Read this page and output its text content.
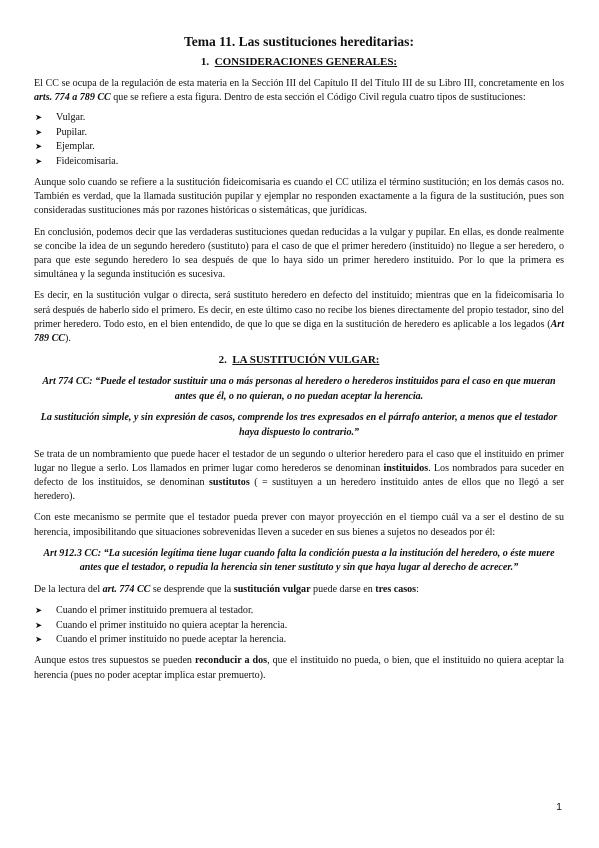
Tema 11. Las sustituciones hereditarias:
1. CONSIDERACIONES GENERALES:

El CC se ocupa de la regulación de esta materia en la Sección III del Capítulo II del Título III de su Libro III, concretamente en los arts. 774 a 789 CC que se refiere a esta figura. Dentro de esta sección el Código Civil regula cuatro tipos de sustituciones:

➤ Vulgar.
➤ Pupilar.
➤ Ejemplar.
➤ Fideicomisaria.

Aunque solo cuando se refiere a la sustitución fideicomisaria es cuando el CC utiliza el término sustitución; en los demás casos no. También es verdad, que la llamada sustitución pupilar y ejemplar no responden exactamente a la figura de la sustitución, pues son consideradas sustituciones más por razones históricas o sistemáticas, que jurídicas.

En conclusión, podemos decir que las verdaderas sustituciones quedan reducidas a la vulgar y pupilar. En ellas, es donde realmente se concibe la idea de un segundo heredero (sustituto) para el caso de que el primer heredero (instituido) no llegue a ser heredero, o para que este segundo heredero lo sea después de que lo haya sido un primer heredero instituido. Por lo que la primera es simultánea y la segunda institución es sucesiva.

Es decir, en la sustitución vulgar o directa, será sustituto heredero en defecto del instituido; mientras que en la fideicomisaria lo será después de haberlo sido el primero. Es decir, en este último caso no recibe los bienes directamente del propio testador, sino del primer heredero. Todo esto, en el bien entendido, de que lo que se diga en la sustitución de heredero es aplicable a los legados (Art 789 CC).

2. LA SUSTITUCIÓN VULGAR:
Art 774 CC: “Puede el testador sustituir una o más personas al heredero o herederos instituidos para el caso en que mueran antes que él, o no quieran, o no puedan aceptar la herencia.
La sustitución simple, y sin expresión de casos, comprende los tres expresados en el párrafo anterior, a menos que el testador haya dispuesto lo contrario.”

Se trata de un nombramiento que puede hacer el testador de un segundo o ulterior heredero para el caso que el instituido en primer lugar no llegue a serlo. Los llamados en primer lugar como herederos se denominan instituidos. Los nombrados para suceder en defecto de los instituidos, se denominan sustitutos ( = sustituyen a un heredero instituido antes de ellos que no llegó a ser heredero).

Con este mecanismo se permite que el testador pueda prever con mayor proyección en el tiempo cuál va a ser el destino de su herencia, imposibilitando que situaciones sobrevenidas lleven a suceder en sus bienes a sujetos no deseados por él:

Art 912.3 CC: “La sucesión legítima tiene lugar cuando falta la condición puesta a la institución del heredero, o éste muere antes que el testador, o repudia la herencia sin tener sustituto y sin que haya lugar al derecho de acrecer.”

De la lectura del art. 774 CC se desprende que la sustitución vulgar puede darse en tres casos:

➤ Cuando el primer instituido premuera al testador.
➤ Cuando el primer instituido no quiera aceptar la herencia.
➤ Cuando el primer instituido no puede aceptar la herencia.

Aunque estos tres supuestos se pueden reconducir a dos, que el instituido no pueda, o bien, que el instituido no quiera aceptar la herencia (pues no poder aceptar implica estar premuerto).

1
